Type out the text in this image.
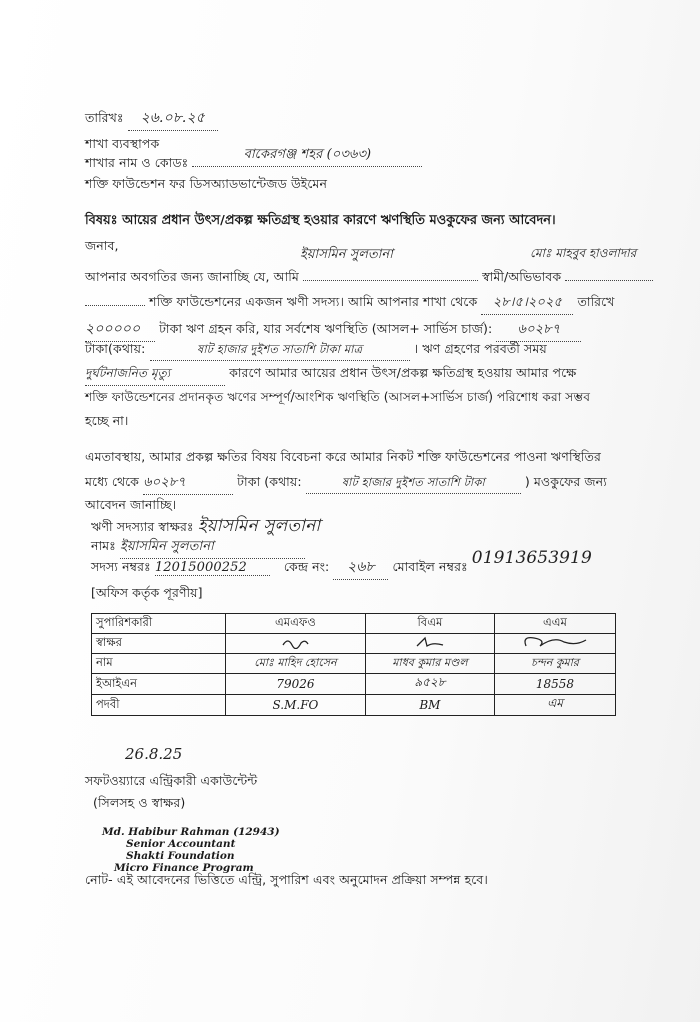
তারিখঃ ২৬.০৮.২৫
শাখা ব্যবস্থাপক
শাখার নাম ও কোডঃ বাকেরগঞ্জ শহর (০৩৬৩)
শক্তি ফাউন্ডেশন ফর ডিসঅ্যাডভান্টেজড উইমেন
বিষয়ঃ আয়ের প্রধান উৎস/প্রকল্প ক্ষতিগ্রস্থ হওয়ার কারণে ঋণস্থিতি মওকুফের জন্য আবেদন।
জনাব,
ইয়াসমিন সুলতানা	মোঃ মাহবুব হাওলাদার
আপনার অবগতির জন্য জানাচ্ছি যে, আমি	স্বামী/অভিভাবক
শক্তি ফাউন্ডেশনের একজন ঋণী সদস্য। আমি আপনার শাখা থেকে ২৮।৫।২০২৫ তারিখে
২০০০০০ টাকা ঋণ গ্রহন করি, যার সর্বশেষ ঋণস্থিতি (আসল+ সার্ভিস চার্জ): ৬০২৮৭
টাকা(কথায়:	ষাট হাজার দুইশত সাতাশি টাকা মাত্র	। ঋণ গ্রহণের পরবর্তী সময়
দুর্ঘটনাজনিত মৃত্যু	কারণে আমার আয়ের প্রধান উৎস/প্রকল্প ক্ষতিগ্রস্থ হওয়ায় আমার পক্ষে
শক্তি ফাউন্ডেশনের প্রদানকৃত ঋণের সম্পূর্ণ/আংশিক ঋণস্থিতি (আসল+সার্ভিস চার্জ) পরিশোধ করা সম্ভব
হচ্ছে না।
এমতাবস্থায়, আমার প্রকল্প ক্ষতির বিষয় বিবেচনা করে আমার নিকট শক্তি ফাউন্ডেশনের পাওনা ঋণস্থিতির
মধ্যে থেকে ৬০২৮৭	টাকা (কথায়:	ষাট হাজার দুইশত সাতাশি টাকা	) মওকুফের জন্য
আবেদন জানাচ্ছি।
ঋণী সদস্যার স্বাক্ষরঃ ইয়াসমিন সুলতানা
নামঃ ইয়াসমিন সুলতানা
সদস্য নম্বরঃ 12015000252	কেন্দ্র নং: ২৬৮ মোবাইল নম্বরঃ 01913653919
[অফিস কর্তৃক পূরণীয়]
সুপারিশকারী	এমএফও	বিএম	এএম
স্বাক্ষর			
নাম	মোঃ মাহিদ হোসেন	মাধব কুমার মণ্ডল	চন্দন কুমার
ইআইএন	79026	৯৫২৮	18558
পদবী	S.M.FO	BM	এম
26.8.25
সফটওয়্যারে এন্ট্রিকারী একাউন্টেন্ট
(সিলসহ ও স্বাক্ষর)
Md. Habibur Rahman (12943)
Senior Accountant
Shakti Foundation
Micro Finance Program
নোট- এই আবেদনের ভিত্তিতে এন্ট্রি, সুপারিশ এবং অনুমোদন প্রক্রিয়া সম্পন্ন হবে।
